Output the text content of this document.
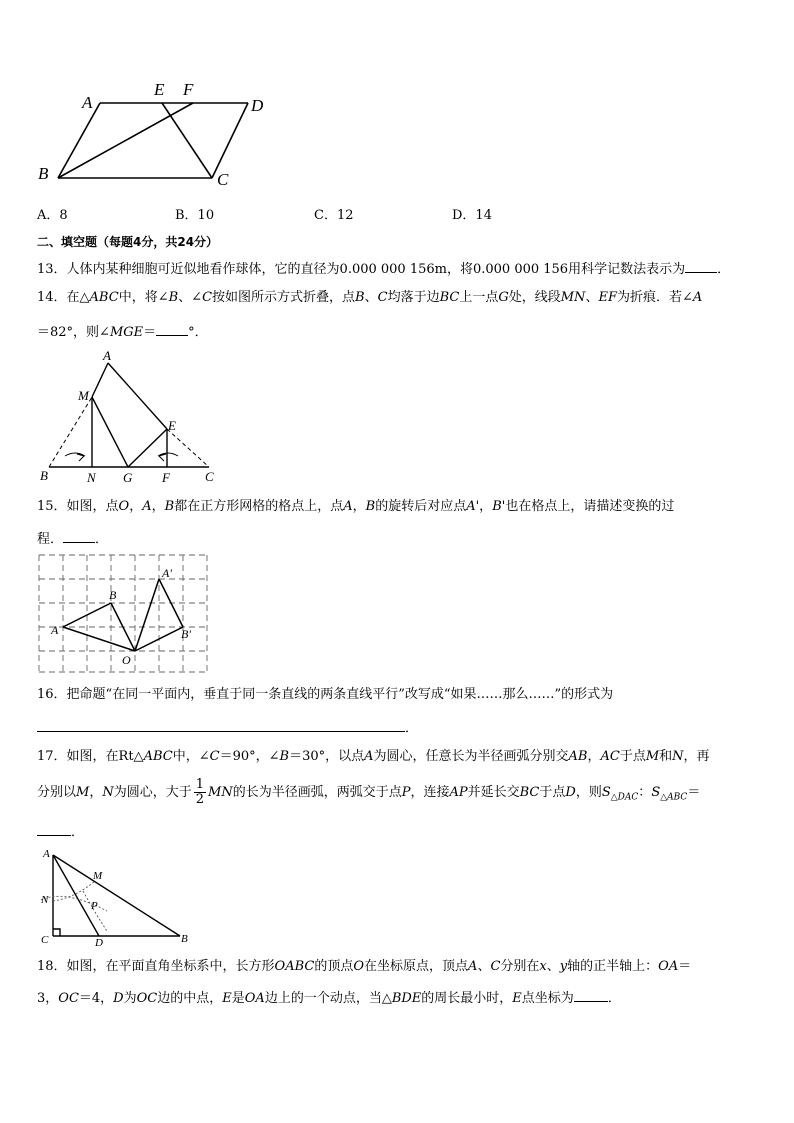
A
E F
D
B	C
A．8	B．10	C．12	D．14
二、填空题（每题4分，共24分）
13．人体内某种细胞可近似地看作球体，它的直径为0.000 000 156m，将0.000 000 156用科学记数法表示为 ．
14．在△ABC中，将∠B、∠C按如图所示方式折叠，点B、C均落于边BC上一点G处，线段MN、EF为折痕．若∠A
＝82°，则∠MGE＝ °．
A
M
E
B	N G F	C
15．如图，点O，A，B都在正方形网格的格点上，点A，B的旋转后对应点A'，B'也在格点上，请描述变换的过
程． ．
A
B
A'
B'
O
16．把命题“在同一平面内，垂直于同一条直线的两条直线平行”改写成“如果……那么……”的形式为
．
17．如图，在Rt△ABC中，∠C＝90°，∠B＝30°，以点A为圆心，任意长为半径画弧分别交AB，AC于点M和N，再
分别以M，N为圆心，大于 $\frac{1}{2}$ MN的长为半径画弧，两弧交于点P，连接AP并延长交BC于点D，则$S_{\triangle DAC}$：$S_{\triangle ABC}=$
．
A
M
N	P
C	D	B
18．如图，在平面直角坐标系中，长方形OABC的顶点O在坐标原点，顶点A、C分别在x、y轴的正半轴上：OA＝
3，OC＝4，D为OC边的中点，E是OA边上的一个动点，当△BDE的周长最小时，E点坐标为	．
